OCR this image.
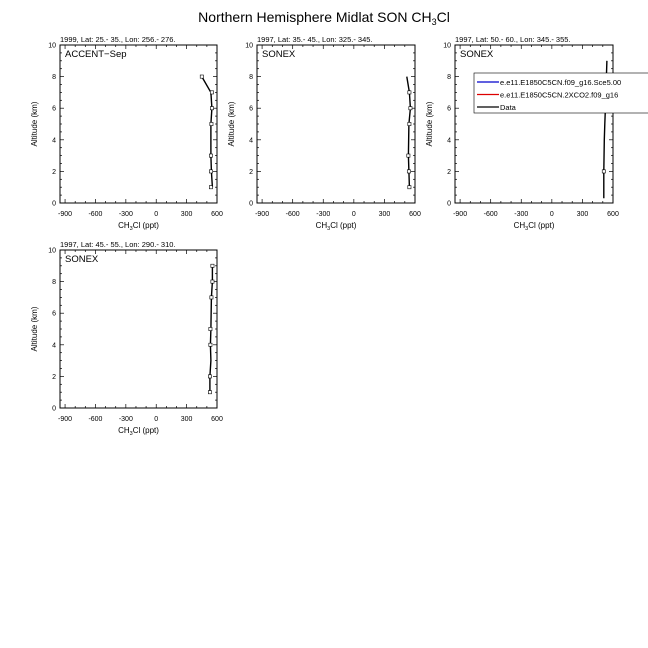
Northern Hemisphere Midlat SON $CH_3Cl$
1999, Lat: 25.- 35., Lon: 256.- 276.
0
2
4
6
8
10
-900 -600 -300	0	300	600
$CH_3Cl$ (ppt)
Altitude (km)
ACCENT−Sep
1997, Lat: 35.- 45., Lon: 325.- 345.
0
2
4
6
8
10
-900 -600 -300	0	300	600
$CH_3Cl$ (ppt)
Altitude (km)
SONEX
1997, Lat: 50.- 60., Lon: 345.- 355.
0
2
4
6
8
10
-900 -600 -300	0	300	600
$CH_3Cl$ (ppt)
Altitude (km)
SONEX
e.e11.E1850C5CN.f09_g16.Sce5.00
e.e11.E1850C5CN.2XCO2.f09_g16
Data
1997, Lat: 45.- 55., Lon: 290.- 310.
0
2
4
6
8
10
-900 -600 -300	0	300	600
$CH_3Cl$ (ppt)
Altitude (km)
SONEX
